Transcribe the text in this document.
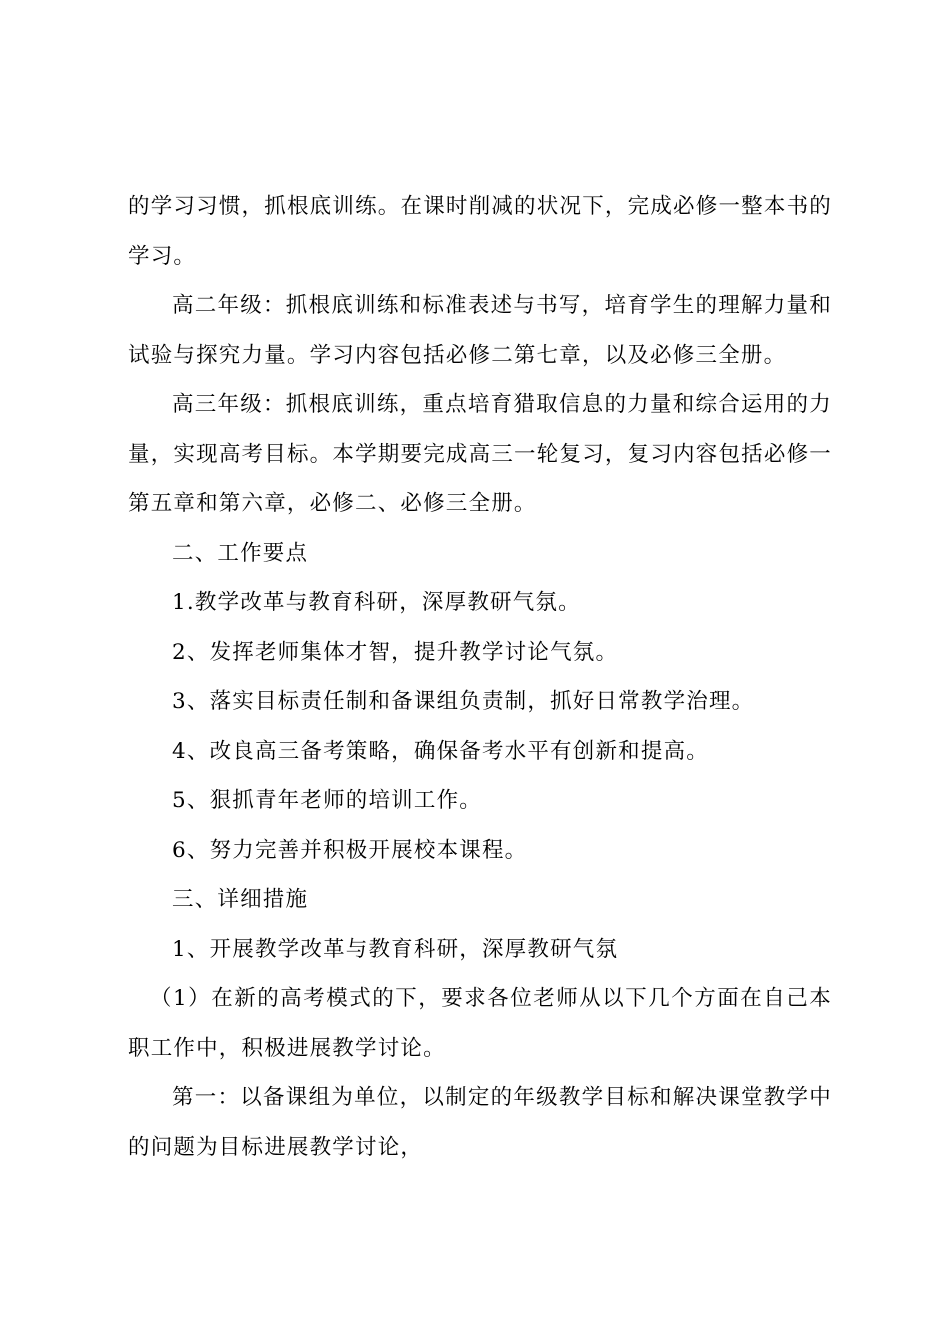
的学习习惯，抓根底训练。在课时削减的状况下，完成必修一整本书的学习。

高二年级：抓根底训练和标准表述与书写，培育学生的理解力量和试验与探究力量。学习内容包括必修二第七章，以及必修三全册。

高三年级：抓根底训练，重点培育猎取信息的力量和综合运用的力量，实现高考目标。本学期要完成高三一轮复习，复习内容包括必修一第五章和第六章，必修二、必修三全册。

二、工作要点

1.教学改革与教育科研，深厚教研气氛。

2、发挥老师集体才智，提升教学讨论气氛。

3、落实目标责任制和备课组负责制，抓好日常教学治理。

4、改良高三备考策略，确保备考水平有创新和提高。

5、狠抓青年老师的培训工作。

6、努力完善并积极开展校本课程。

三、详细措施

1、开展教学改革与教育科研，深厚教研气氛

（1）在新的高考模式的下，要求各位老师从以下几个方面在自己本职工作中，积极进展教学讨论。

第一：以备课组为单位，以制定的年级教学目标和解决课堂教学中的问题为目标进展教学讨论，
